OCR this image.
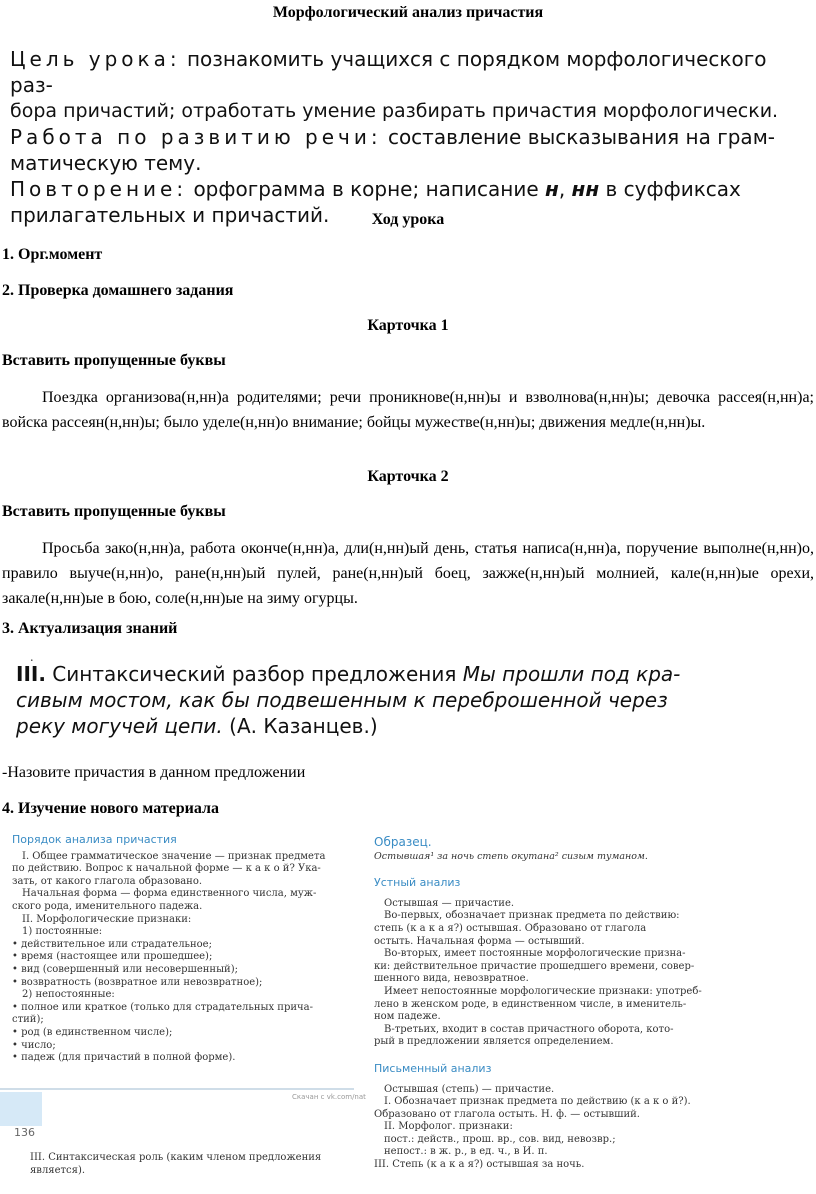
Морфологический анализ причастия
Цель урока: познакомить учащихся с порядком морфологического раз-
бора причастий; отработать умение разбирать причастия морфологически.
Работа по развитию речи: составление высказывания на грам-
матическую тему.
Повторение: орфограмма в корне; написание н, нн в суффиксах
прилагательных и причастий.	Ход урока
1. Орг.момент
2. Проверка домашнего задания
Карточка 1
Вставить пропущенные буквы
Поездка организова(н,нн)а родителями; речи проникнове(н,нн)ы и взволнова(н,нн)ы; девочка рассея(н,нн)а; войска рассеян(н,нн)ы; было уделе(н,нн)о внимание; бойцы мужестве(н,нн)ы; движения медле(н,нн)ы.
Карточка 2
Вставить пропущенные буквы
Просьба зако(н,нн)а, работа оконче(н,нн)а, дли(н,нн)ый день, статья написа(н,нн)а, поручение выполне(н,нн)о, правило выуче(н,нн)о, ране(н,нн)ый пулей, ране(н,нн)ый боец, зажже(н,нн)ый молнией, кале(н,нн)ые орехи, закале(н,нн)ые в бою, соле(н,нн)ые на зиму огурцы.
3. Актуализация знаний
.
III. Синтаксический разбор предложения Мы прошли под кра-
сивым мостом, как бы подвешенным к переброшенной через
реку могучей цепи. (А. Казанцев.)
-Назовите причастия в данном предложении
4. Изучение нового материала
Порядок анализа причастия
I. Общее грамматическое значение — признак предмета
по действию. Вопрос к начальной форме — к а к о й? Ука-
зать, от какого глагола образовано.
Начальная форма — форма единственного числа, муж-
ского рода, именительного падежа.
II. Морфологические признаки:
1) постоянные:
• действительное или страдательное;
• время (настоящее или прошедшее);
• вид (совершенный или несовершенный);
• возвратность (возвратное или невозвратное);
2) непостоянные:
• полное или краткое (только для страдательных прича-
стий);
• род (в единственном числе);
• число;
• падеж (для причастий в полной форме).
Скачан с vk.com/nat
136
III. Синтаксическая роль (каким членом предложения
является).
Образец.
Остывшая¹ за ночь степь окутана² сизым туманом.
Устный анализ
Остывшая — причастие.
Во-первых, обозначает признак предмета по действию:
степь (к а к а я?) остывшая. Образовано от глагола
остыть. Начальная форма — остывший.
Во-вторых, имеет постоянные морфологические призна-
ки: действительное причастие прошедшего времени, совер-
шенного вида, невозвратное.
Имеет непостоянные морфологические признаки: употреб-
лено в женском роде, в единственном числе, в именитель-
ном падеже.
В-третьих, входит в состав причастного оборота, кото-
рый в предложении является определением.
Письменный анализ
Остывшая (степь) — причастие.
I. Обозначает признак предмета по действию (к а к о й?).
Образовано от глагола остыть. Н. ф. — остывший.
II. Морфолог. признаки:
пост.: действ., прош. вр., сов. вид, невозвр.;
непост.: в ж. р., в ед. ч., в И. п.
III. Степь (к а к а я?) остывшая за ночь.
